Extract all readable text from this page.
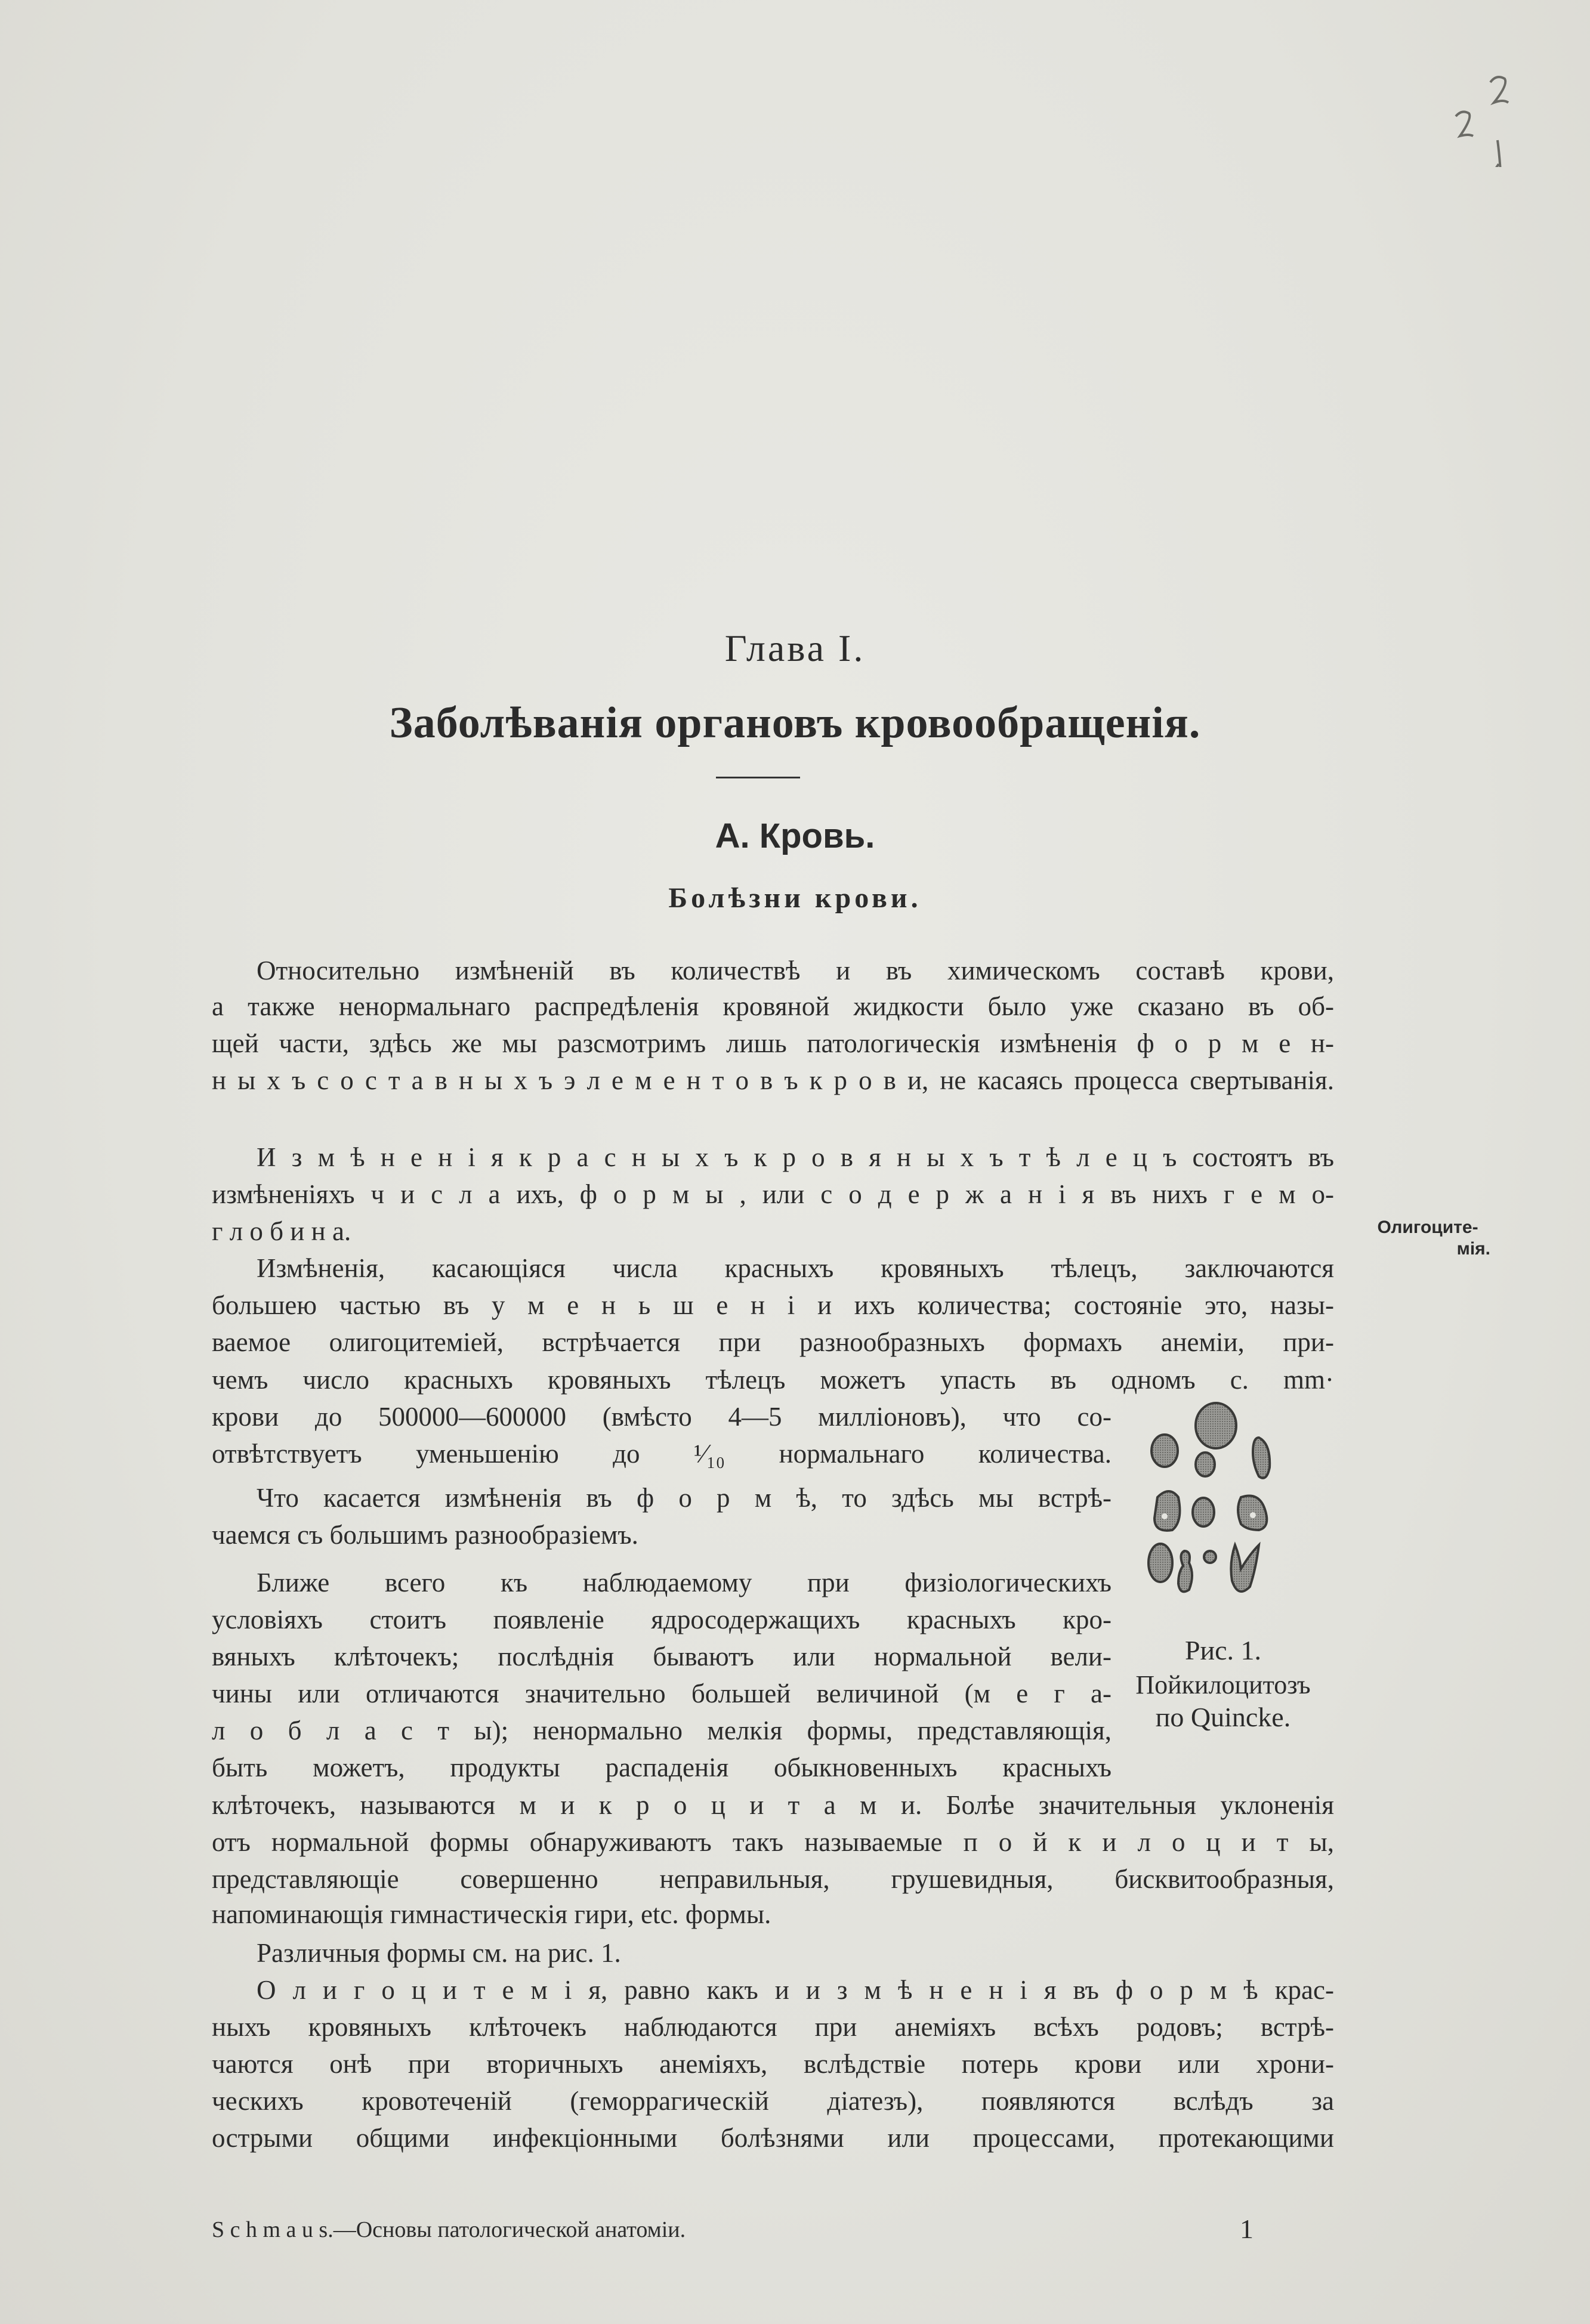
Глава I.
Заболѣванія органовъ кровообращенія.
А. Кровь.
Болѣзни крови.
Относительно измѣненій въ количествѣ и въ химическомъ составѣ крови,
а также ненормальнаго распредѣленія кровяной жидкости было уже сказано въ об-
щей части, здѣсь же мы разсмотримъ лишь патологическія измѣненія ф о р м е н-
н ы х ъ с о с т а в н ы х ъ э л е м е н т о в ъ к р о в и, не касаясь процесса свертыванія.
И з м ѣ н е н і я к р а с н ы х ъ к р о в я н ы х ъ т ѣ л е ц ъ состоятъ въ
измѣненіяхъ ч и с л а ихъ, ф о р м ы , или с о д е р ж а н і я въ нихъ г е м о-
г л о б и н а.
Измѣненія, касающіяся числа красныхъ кровяныхъ тѣлецъ, заключаются
большею частью въ у м е н ь ш е н і и ихъ количества; состояніе это, назы-
ваемое олигоцитеміей, встрѣчается при разнообразныхъ формахъ анеміи, при-
чемъ число красныхъ кровяныхъ тѣлецъ можетъ упасть въ одномъ c. mm·
крови до 500000—600000 (вмѣсто 4—5 милліоновъ), что со-
отвѣтствуетъ уменьшенію до ¹⁄₁₀ нормальнаго количества.
Что касается измѣненія въ ф о р м ѣ, то здѣсь мы встрѣ-
чаемся съ большимъ разнообразіемъ.
Ближе всего къ наблюдаемому при физіологическихъ
условіяхъ стоитъ появленіе ядросодержащихъ красныхъ кро-
вяныхъ клѣточекъ; послѣднія бываютъ или нормальной вели-
чины или отличаются значительно большей величиной (м е г а-
л о б л а с т ы); ненормально мелкія формы, представляющія,
быть можетъ, продукты распаденія обыкновенныхъ красныхъ
клѣточекъ, называются м и к р о ц и т а м и. Болѣе значительныя уклоненія
отъ нормальной формы обнаруживаютъ такъ называемые п о й к и л о ц и т ы,
представляющіе совершенно неправильныя, грушевидныя, бисквитообразныя,
напоминающія гимнастическія гири, etc. формы.
Различныя формы см. на рис. 1.
О л и г о ц и т е м і я, равно какъ и и з м ѣ н е н і я въ ф о р м ѣ крас-
ныхъ кровяныхъ клѣточекъ наблюдаются при анеміяхъ всѣхъ родовъ; встрѣ-
чаются онѣ при вторичныхъ анеміяхъ, вслѣдствіе потерь крови или хрони-
ческихъ кровотеченій (геморрагическій діатезъ), появляются вслѣдъ за
острыми общими инфекціонными болѣзнями или процессами, протекающими
Олигоците-
мія.
Рис. 1.
Пойкилоцитозъ
по Quincke.
S c h m a u s.—Основы патологической анатоміи.	1
